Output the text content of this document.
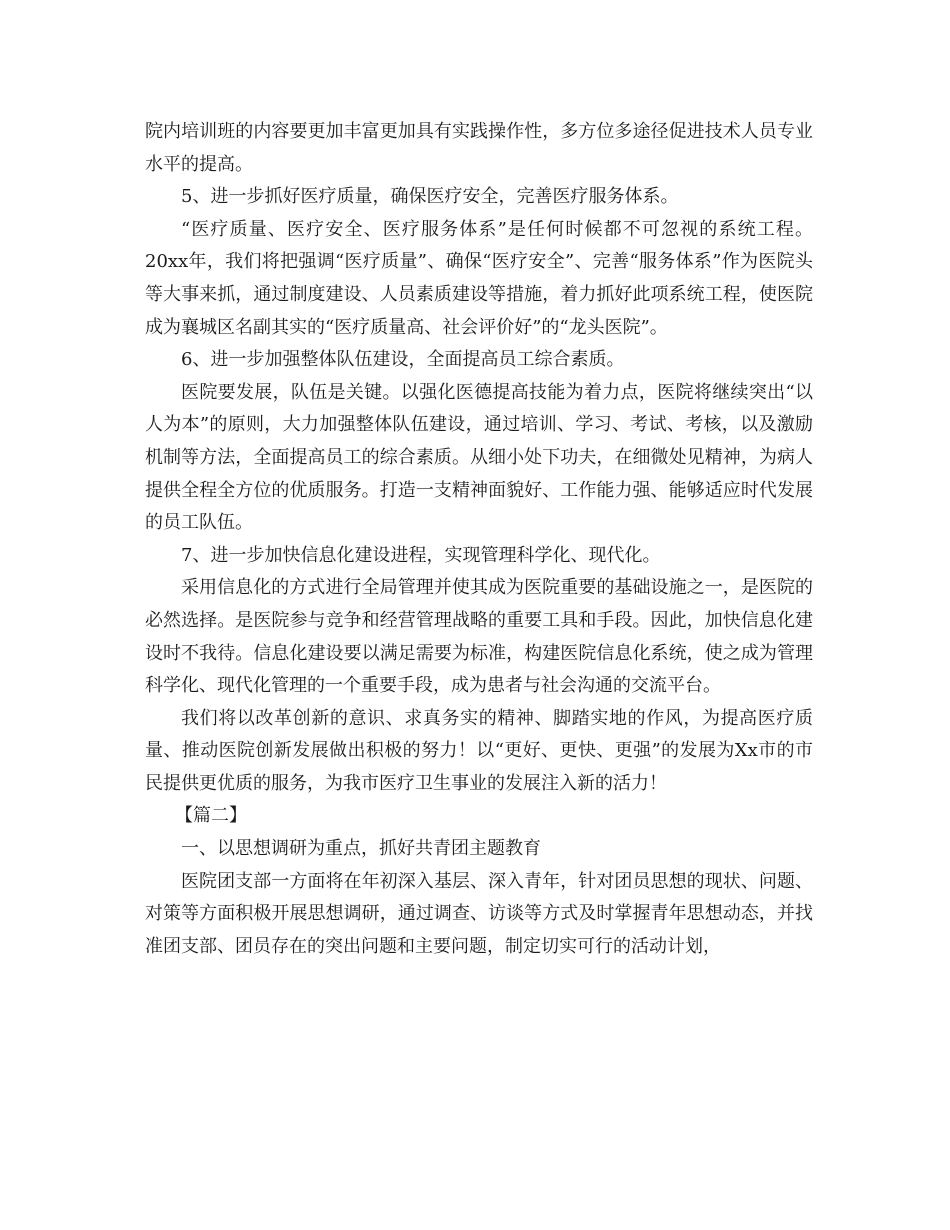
院内培训班的内容要更加丰富更加具有实践操作性，多方位多途径促进技术人员专业水平的提高。

5、进一步抓好医疗质量，确保医疗安全，完善医疗服务体系。

“医疗质量、医疗安全、医疗服务体系”是任何时候都不可忽视的系统工程。20xx年，我们将把强调“医疗质量”、确保“医疗安全”、完善“服务体系”作为医院头等大事来抓，通过制度建设、人员素质建设等措施，着力抓好此项系统工程，使医院成为襄城区名副其实的“医疗质量高、社会评价好”的“龙头医院”。

6、进一步加强整体队伍建设，全面提高员工综合素质。

医院要发展，队伍是关键。以强化医德提高技能为着力点，医院将继续突出“以人为本”的原则，大力加强整体队伍建设，通过培训、学习、考试、考核，以及激励机制等方法，全面提高员工的综合素质。从细小处下功夫，在细微处见精神，为病人提供全程全方位的优质服务。打造一支精神面貌好、工作能力强、能够适应时代发展的员工队伍。

7、进一步加快信息化建设进程，实现管理科学化、现代化。

采用信息化的方式进行全局管理并使其成为医院重要的基础设施之一，是医院的必然选择。是医院参与竞争和经营管理战略的重要工具和手段。因此，加快信息化建设时不我待。信息化建设要以满足需要为标准，构建医院信息化系统，使之成为管理科学化、现代化管理的一个重要手段，成为患者与社会沟通的交流平台。

我们将以改革创新的意识、求真务实的精神、脚踏实地的作风，为提高医疗质量、推动医院创新发展做出积极的努力！以“更好、更快、更强”的发展为Xx市的市民提供更优质的服务，为我市医疗卫生事业的发展注入新的活力！

【篇二】

一、以思想调研为重点，抓好共青团主题教育

医院团支部一方面将在年初深入基层、深入青年，针对团员思想的现状、问题、对策等方面积极开展思想调研，通过调查、访谈等方式及时掌握青年思想动态，并找准团支部、团员存在的突出问题和主要问题，制定切实可行的活动计划，
